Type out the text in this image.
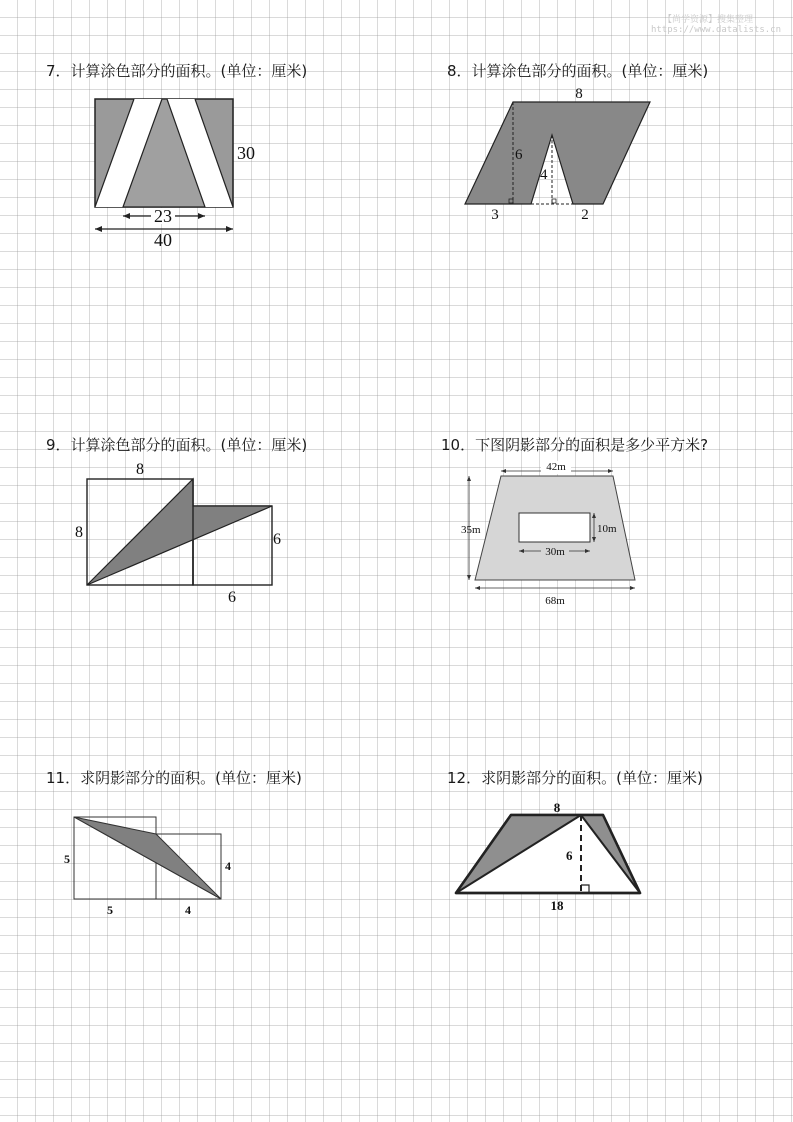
【尚学资源】搜集整理
https://www.datalists.cn
7．计算涂色部分的面积。(单位：厘米)
23
40
30
8．计算涂色部分的面积。(单位：厘米)
8
6
4
3	2
9．计算涂色部分的面积。(单位：厘米)
8
8	6
6
10．下图阴影部分的面积是多少平方米?
42m
35m	10m
30m
68m
11．求阴影部分的面积。(单位：厘米)
5	4
5	4
12．求阴影部分的面积。(单位：厘米)
8
6
18
